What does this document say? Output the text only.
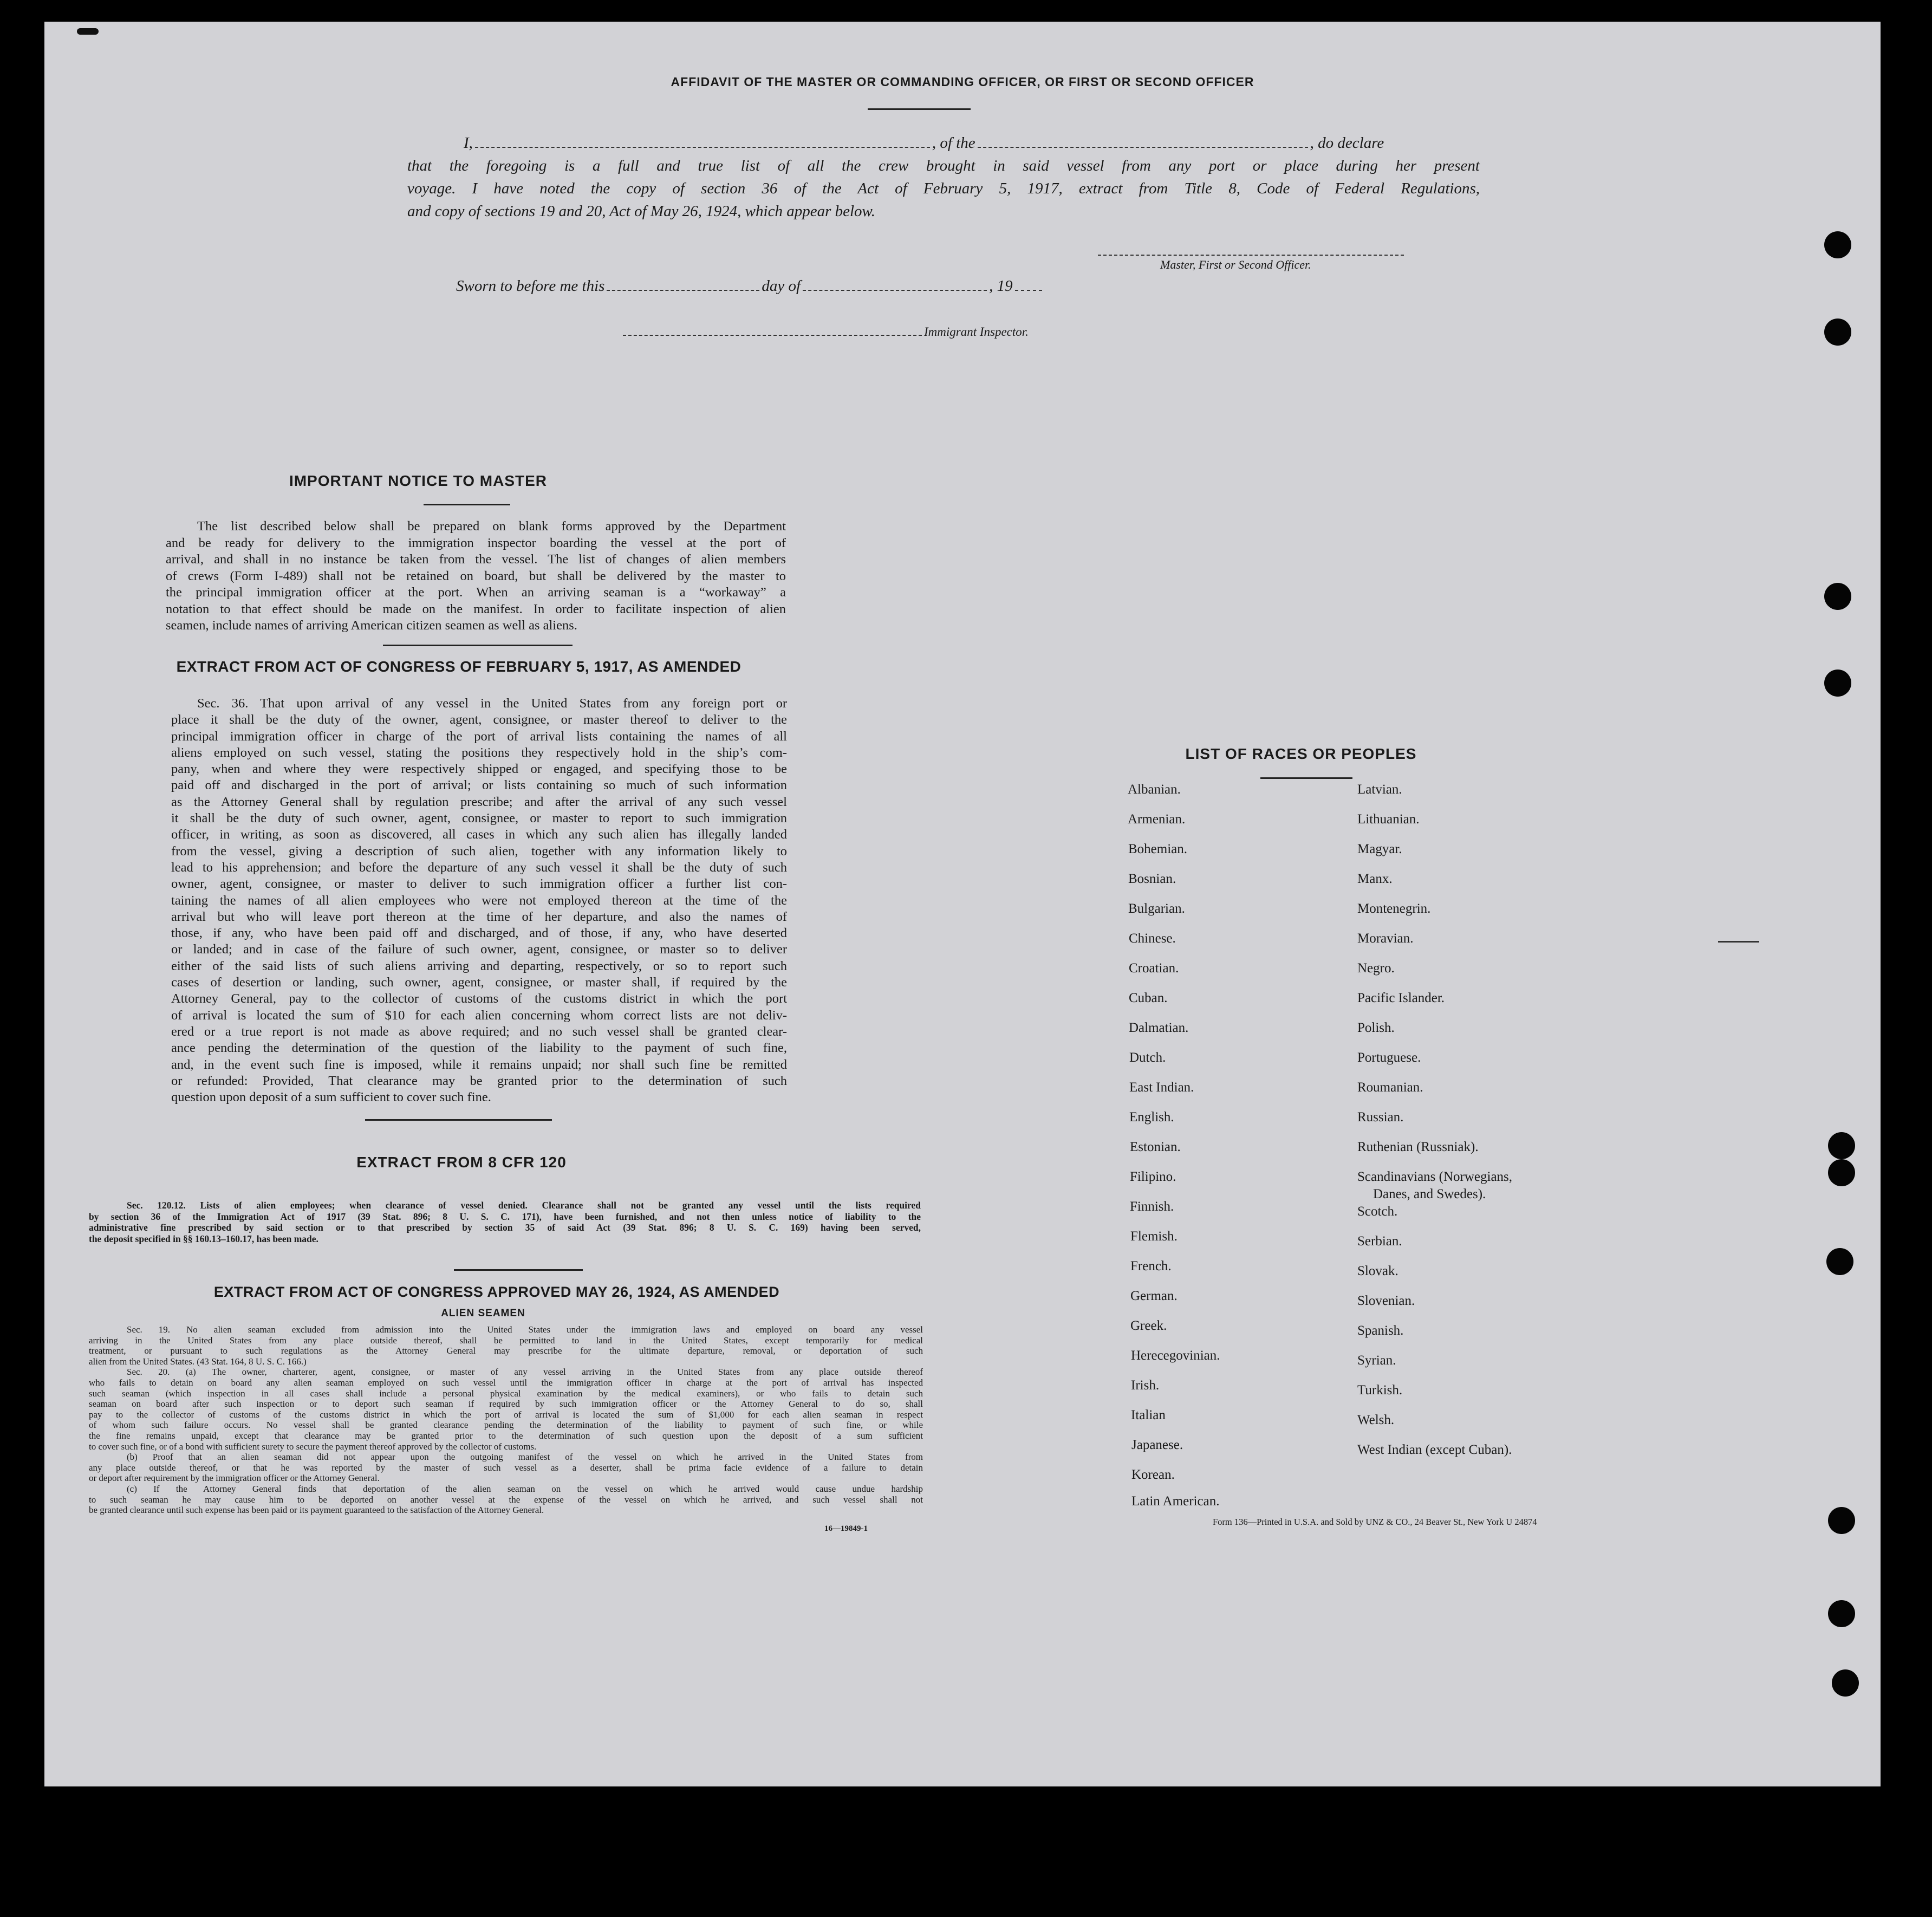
AFFIDAVIT OF THE MASTER OR COMMANDING OFFICER, OR FIRST OR SECOND OFFICER
I,	, of the	, do declare
that the foregoing is a full and true list of all the crew brought in said vessel from any port or place during her present
voyage. I have noted the copy of section 36 of the Act of February 5, 1917, extract from Title 8, Code of Federal Regulations,
and copy of sections 19 and 20, Act of May 26, 1924, which appear below.
Master, First or Second Officer.
Sworn to before me this	day of	, 19
Immigrant Inspector.
IMPORTANT NOTICE TO MASTER

The list described below shall be prepared on blank forms approved by the Department

and be ready for delivery to the immigration inspector boarding the vessel at the port of

arrival, and shall in no instance be taken from the vessel. The list of changes of alien members

of crews (Form I-489) shall not be retained on board, but shall be delivered by the master to

the principal immigration officer at the port. When an arriving seaman is a “workaway” a

notation to that effect should be made on the manifest. In order to facilitate inspection of alien

seamen, include names of arriving American citizen seamen as well as aliens.

EXTRACT FROM ACT OF CONGRESS OF FEBRUARY 5, 1917, AS AMENDED

Sec. 36. That upon arrival of any vessel in the United States from any foreign port or

place it shall be the duty of the owner, agent, consignee, or master thereof to deliver to the

principal immigration officer in charge of the port of arrival lists containing the names of all

aliens employed on such vessel, stating the positions they respectively hold in the ship’s com-

pany, when and where they were respectively shipped or engaged, and specifying those to be

paid off and discharged in the port of arrival; or lists containing so much of such information

as the Attorney General shall by regulation prescribe; and after the arrival of any such vessel

it shall be the duty of such owner, agent, consignee, or master to report to such immigration

officer, in writing, as soon as discovered, all cases in which any such alien has illegally landed

from the vessel, giving a description of such alien, together with any information likely to

lead to his apprehension; and before the departure of any such vessel it shall be the duty of such

owner, agent, consignee, or master to deliver to such immigration officer a further list con-

taining the names of all alien employees who were not employed thereon at the time of the

arrival but who will leave port thereon at the time of her departure, and also the names of

those, if any, who have been paid off and discharged, and of those, if any, who have deserted

or landed; and in case of the failure of such owner, agent, consignee, or master so to deliver

either of the said lists of such aliens arriving and departing, respectively, or so to report such

cases of desertion or landing, such owner, agent, consignee, or master shall, if required by the

Attorney General, pay to the collector of customs of the customs district in which the port

of arrival is located the sum of $10 for each alien concerning whom correct lists are not deliv-

ered or a true report is not made as above required; and no such vessel shall be granted clear-

ance pending the determination of the question of the liability to the payment of such fine,

and, in the event such fine is imposed, while it remains unpaid; nor shall such fine be remitted

or refunded: Provided, That clearance may be granted prior to the determination of such

question upon deposit of a sum sufficient to cover such fine.

EXTRACT FROM 8 CFR 120

Sec. 120.12. Lists of alien employees; when clearance of vessel denied. Clearance shall not be granted any vessel until the lists required

by section 36 of the Immigration Act of 1917 (39 Stat. 896; 8 U. S. C. 171), have been furnished, and not then unless notice of liability to the

administrative fine prescribed by said section or to that prescribed by section 35 of said Act (39 Stat. 896; 8 U. S. C. 169) having been served,

the deposit specified in §§ 160.13–160.17, has been made.

EXTRACT FROM ACT OF CONGRESS APPROVED MAY 26, 1924, AS AMENDED
ALIEN SEAMEN

Sec. 19. No alien seaman excluded from admission into the United States under the immigration laws and employed on board any vessel

arriving in the United States from any place outside thereof, shall be permitted to land in the United States, except temporarily for medical

treatment, or pursuant to such regulations as the Attorney General may prescribe for the ultimate departure, removal, or deportation of such

alien from the United States. (43 Stat. 164, 8 U. S. C. 166.)

Sec. 20. (a) The owner, charterer, agent, consignee, or master of any vessel arriving in the United States from any place outside thereof

who fails to detain on board any alien seaman employed on such vessel until the immigration officer in charge at the port of arrival has inspected

such seaman (which inspection in all cases shall include a personal physical examination by the medical examiners), or who fails to detain such

seaman on board after such inspection or to deport such seaman if required by such immigration officer or the Attorney General to do so, shall

pay to the collector of customs of the customs district in which the port of arrival is located the sum of $1,000 for each alien seaman in respect

of whom such failure occurs. No vessel shall be granted clearance pending the determination of the liability to payment of such fine, or while

the fine remains unpaid, except that clearance may be granted prior to the determination of such question upon the deposit of a sum sufficient

to cover such fine, or of a bond with sufficient surety to secure the payment thereof approved by the collector of customs.

(b) Proof that an alien seaman did not appear upon the outgoing manifest of the vessel on which he arrived in the United States from

any place outside thereof, or that he was reported by the master of such vessel as a deserter, shall be prima facie evidence of a failure to detain

or deport after requirement by the immigration officer or the Attorney General.

(c) If the Attorney General finds that deportation of the alien seaman on the vessel on which he arrived would cause undue hardship

to such seaman he may cause him to be deported on another vessel at the expense of the vessel on which he arrived, and such vessel shall not

be granted clearance until such expense has been paid or its payment guaranteed to the satisfaction of the Attorney General.

16—19849-1
LIST OF RACES OR PEOPLES
Form 136—Printed in U.S.A. and Sold by UNZ & CO., 24 Beaver St., New York U 24874
Albanian.
Armenian.
Bohemian.
Bosnian.
Bulgarian.
Chinese.
Croatian.
Cuban.
Dalmatian.
Dutch.
East Indian.
English.
Estonian.
Filipino.
Finnish.
Flemish.
French.
German.
Greek.
Herecegovinian.
Irish.
Italian
Japanese.
Korean.
Latin American.
Latvian.
Lithuanian.
Magyar.
Manx.
Montenegrin.
Moravian.
Negro.
Pacific Islander.
Polish.
Portuguese.
Roumanian.
Russian.
Ruthenian (Russniak).
Scandinavians (Norwegians,
Danes, and Swedes).
Scotch.
Serbian.
Slovak.
Slovenian.
Spanish.
Syrian.
Turkish.
Welsh.
West Indian (except Cuban).
